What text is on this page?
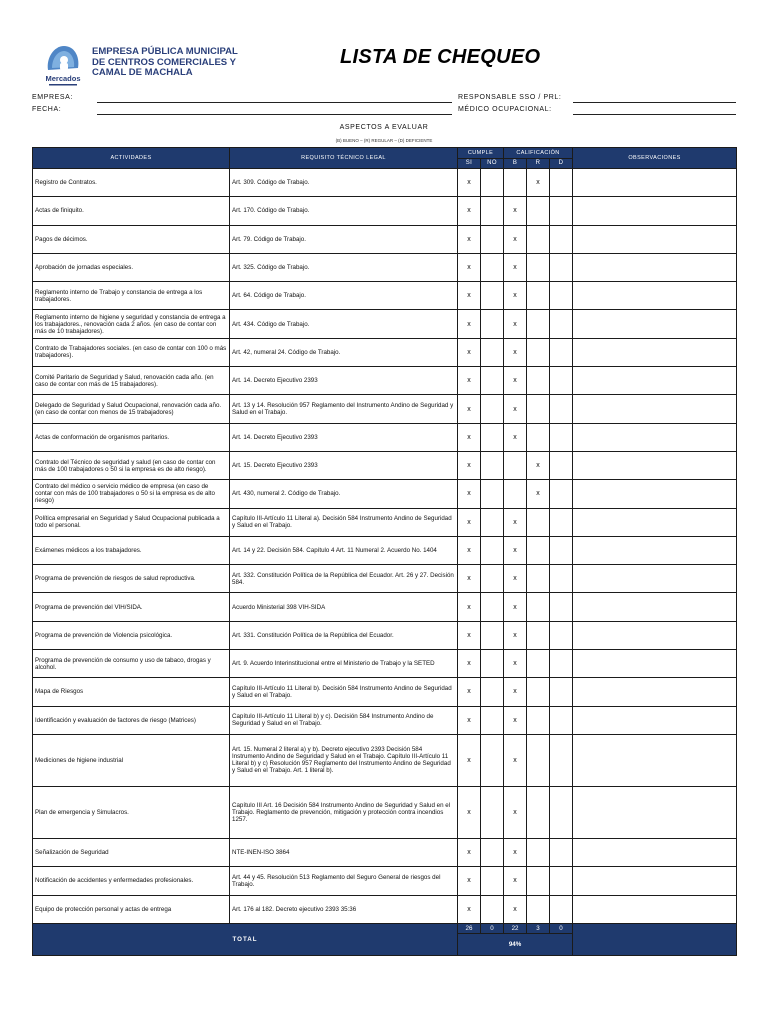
Mercados
EMPRESA PÚBLICA MUNICIPAL
DE CENTROS COMERCIALES Y
CAMAL DE MACHALA
LISTA DE CHEQUEO
EMPRESA:
FECHA:
RESPONSABLE SSO / PRL:
MÉDICO OCUPACIONAL:
ASPECTOS A EVALUAR
(B) BUENO – (R) REGULAR – (D) DEFICIENTE
ACTIVIDADES	REQUISITO TÉCNICO LEGAL	CUMPLE		CALIFICACIÓN			OBSERVACIONES
		SI	NO	B	R	D	
Registro de Contratos.	Art. 309. Código de Trabajo.	x			x		
Actas de finiquito.	Art. 170. Código de Trabajo.	x		x			
Pagos de décimos.	Art. 79. Código de Trabajo.	x		x			
Aprobación de jornadas especiales.	Art. 325. Código de Trabajo.	x		x			
Reglamento interno de Trabajo y constancia de entrega a los trabajadores.	Art. 64. Código de Trabajo.	x		x			
Reglamento interno de higiene y seguridad y constancia de entrega a los trabajadores., renovación cada 2 años. (en caso de contar con más de 10 trabajadores).	Art. 434. Código de Trabajo.	x		x			
Contrato de Trabajadores sociales. (en caso de contar con 100 o más trabajadores).	Art. 42, numeral 24. Código de Trabajo.	x		x			
Comité Paritario de Seguridad y Salud, renovación cada año. (en caso de contar con más de 15 trabajadores).	Art. 14. Decreto Ejecutivo 2393	x		x			
Delegado de Seguridad y Salud Ocupacional, renovación cada año. (en caso de contar con menos de 15 trabajadores)	Art. 13 y 14. Resolución 957 Reglamento del Instrumento Andino de Seguridad y Salud en el Trabajo.	x		x			
Actas de conformación de organismos paritarios.	Art. 14. Decreto Ejecutivo 2393	x		x			
Contrato del Técnico de seguridad y salud (en caso de contar con más de 100 trabajadores o 50 si la empresa es de alto riesgo).	Art. 15. Decreto Ejecutivo 2393	x			x		
Contrato del médico o servicio médico de empresa (en caso de contar con más de 100 trabajadores o 50 si la empresa es de alto riesgo)	Art. 430, numeral 2. Código de Trabajo.	x			x		
Política empresarial en Seguridad y Salud Ocupacional publicada a todo el personal.	Capítulo III-Artículo 11 Literal a). Decisión 584 Instrumento Andino de Seguridad y Salud en el Trabajo.	x		x			
Exámenes médicos a los trabajadores.	Art. 14 y 22. Decisión 584. Capítulo 4 Art. 11 Numeral 2. Acuerdo No. 1404	x		x			
Programa de prevención de riesgos de salud reproductiva.	Art. 332. Constitución Política de la República del Ecuador. Art. 26 y 27. Decisión 584.	x		x			
Programa de prevención del VIH/SIDA.	Acuerdo Ministerial 398 VIH-SIDA	x		x			
Programa de prevención de Violencia psicológica.	Art. 331. Constitución Política de la República del Ecuador.	x		x			
Programa de prevención de consumo y uso de tabaco, drogas y alcohol.	Art. 9. Acuerdo Interinstitucional entre el Ministerio de Trabajo y la SETED	x		x			
Mapa de Riesgos	Capítulo III-Artículo 11 Literal b). Decisión 584 Instrumento Andino de Seguridad y Salud en el Trabajo.	x		x			
Identificación y evaluación de factores de riesgo (Matrices)	Capítulo III-Artículo 11 Literal b) y c). Decisión 584 Instrumento Andino de Seguridad y Salud en el Trabajo.	x		x			
Mediciones de higiene industrial	Art. 15. Numeral 2 literal a) y b). Decreto ejecutivo 2393 Decisión 584 Instrumento Andino de Seguridad y Salud en el Trabajo. Capítulo III-Artículo 11 Literal b) y c) Resolución 957 Reglamento del Instrumento Andino de Seguridad y Salud en el Trabajo. Art. 1 literal b).	x		x			
Plan de emergencia y Simulacros.	Capítulo III Art. 16 Decisión 584 Instrumento Andino de Seguridad y Salud en el Trabajo. Reglamento de prevención, mitigación y protección contra incendios 1257.	x		x			
Señalización de Seguridad	NTE-INEN-ISO 3864	x		x			
Notificación de accidentes y enfermedades profesionales.	Art. 44 y 45. Resolución 513 Reglamento del Seguro General de riesgos del Trabajo.	x		x			
Equipo de protección personal y actas de entrega	Art. 176 al 182. Decreto ejecutivo 2393 35:36	x		x			
TOTAL		26	0	22	3	0	
		94%					
